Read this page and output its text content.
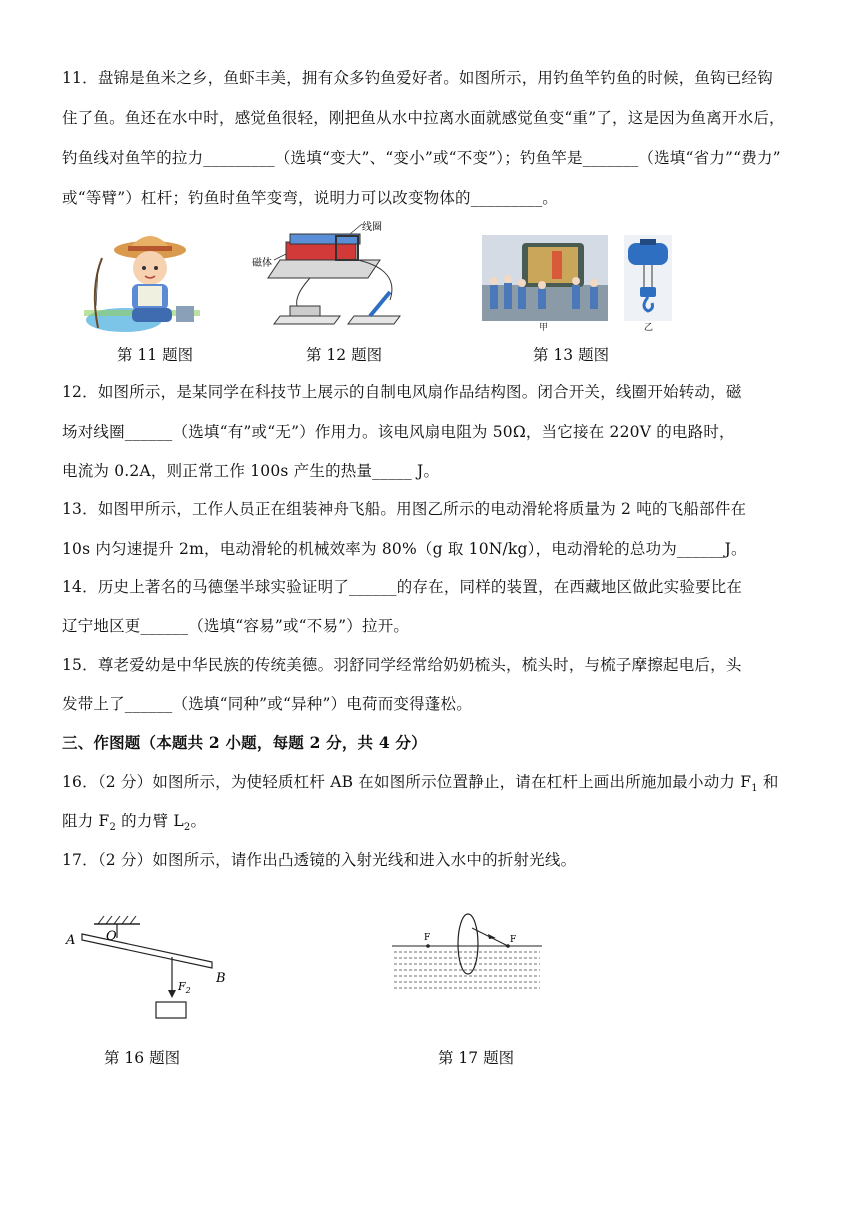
11．盘锦是鱼米之乡，鱼虾丰美，拥有众多钓鱼爱好者。如图所示，用钓鱼竿钓鱼的时候，鱼钩已经钩
住了鱼。鱼还在水中时，感觉鱼很轻，刚把鱼从水中拉离水面就感觉鱼变“重”了，这是因为鱼离开水后，
钓鱼线对鱼竿的拉力_________（选填“变大”、“变小”或“不变”）；钓鱼竿是_______（选填“省力”“费力”
或“等臂”）杠杆；钓鱼时鱼竿变弯，说明力可以改变物体的_________。
第 11 题图
线圈
磁体
第 12 题图
甲	乙
第 13 题图
12．如图所示，是某同学在科技节上展示的自制电风扇作品结构图。闭合开关，线圈开始转动，磁
场对线圈______（选填“有”或“无”）作用力。该电风扇电阻为 50Ω，当它接在 220V 的电路时，
电流为 0.2A，则正常工作 100s 产生的热量_____ J。
13．如图甲所示，工作人员正在组装神舟飞船。用图乙所示的电动滑轮将质量为 2 吨的飞船部件在
10s 内匀速提升 2m，电动滑轮的机械效率为 80%（g 取 10N/kg），电动滑轮的总功为______J。
14．历史上著名的马德堡半球实验证明了______的存在，同样的装置，在西藏地区做此实验要比在
辽宁地区更______（选填“容易”或“不易”）拉开。
15．尊老爱幼是中华民族的传统美德。羽舒同学经常给奶奶梳头，梳头时，与梳子摩擦起电后，头
发带上了______（选填“同种”或“异种”）电荷而变得蓬松。
三、作图题（本题共 2 小题，每题 2 分，共 4 分）
16．（2 分）如图所示，为使轻质杠杆 AB 在如图所示位置静止，请在杠杆上画出所施加最小动力 $F_1$ 和
阻力 $F_2$ 的力臂 $L_2$。
17．（2 分）如图所示，请作出凸透镜的入射光线和进入水中的折射光线。
A O
B
$F_2$
第 16 题图
F	F
第 17 题图
